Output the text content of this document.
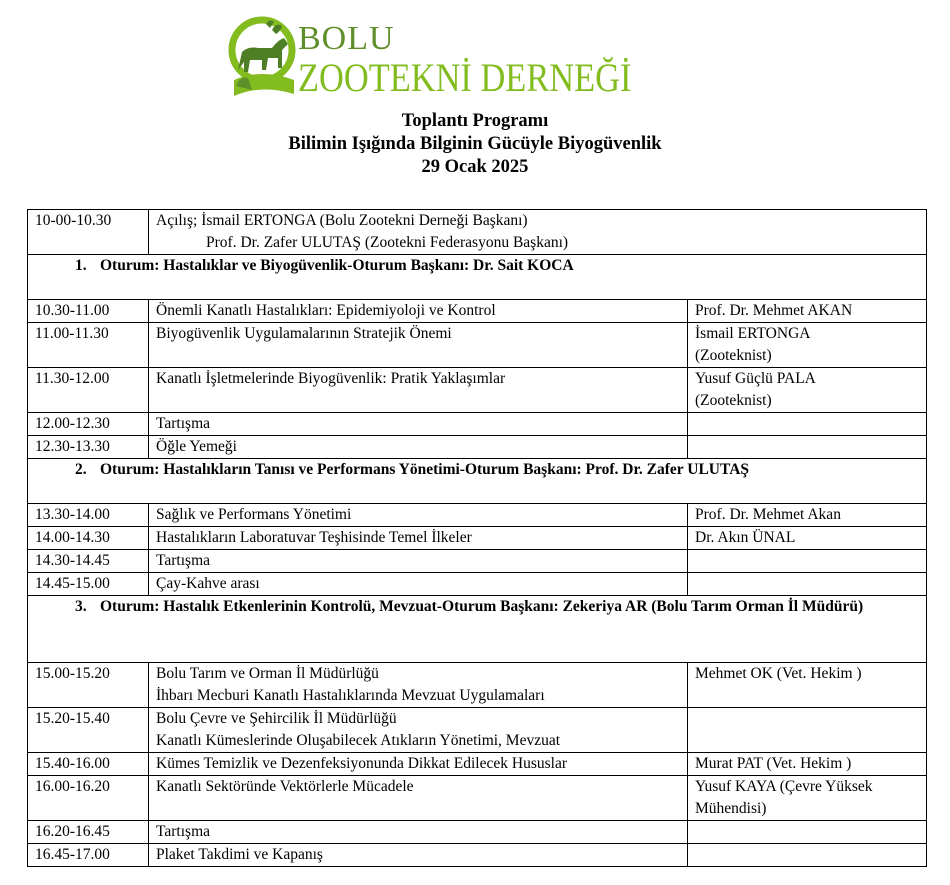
BOLU
ZOOTEKNİ DERNEĞİ
Toplantı Programı
Bilimin Işığında Bilginin Gücüyle Biyogüvenlik
29 Ocak 2025
10-00-10.30	Açılış; İsmail ERTONGA (Bolu Zootekni Derneği Başkanı)
Prof. Dr. Zafer ULUTAŞ (Zootekni Federasyonu Başkanı)	

1. Oturum: Hastalıklar ve Biyogüvenlik-Oturum Başkanı: Dr. Sait KOCA		
10.30-11.00	Önemli Kanatlı Hastalıkları: Epidemiyoloji ve Kontrol	Prof. Dr. Mehmet AKAN
11.00-11.30	Biyogüvenlik Uygulamalarının Stratejik Önemi	İsmail ERTONGA
(Zooteknist)

11.30-12.00	Kanatlı İşletmelerinde Biyogüvenlik: Pratik Yaklaşımlar	Yusuf Güçlü PALA
(Zooteknist)

12.00-12.30	Tartışma	
12.30-13.30	Öğle Yemeği	
2. Oturum: Hastalıkların Tanısı ve Performans Yönetimi-Oturum Başkanı: Prof. Dr. Zafer ULUTAŞ		
13.30-14.00	Sağlık ve Performans Yönetimi	Prof. Dr. Mehmet Akan
14.00-14.30	Hastalıkların Laboratuvar Teşhisinde Temel İlkeler	Dr. Akın ÜNAL
14.30-14.45	Tartışma	
14.45-15.00	Çay-Kahve arası	
3. Oturum: Hastalık Etkenlerinin Kontrolü, Mevzuat-Oturum Başkanı: Zekeriya AR (Bolu Tarım Orman İl Müdürü)		
15.00-15.20	Bolu Tarım ve Orman İl Müdürlüğü
İhbarı Mecburi Kanatlı Hastalıklarında Mevzuat Uygulamaları	Mehmet OK (Vet. Hekim )
15.20-15.40	Bolu Çevre ve Şehircilik İl Müdürlüğü
Kanatlı Kümeslerinde Oluşabilecek Atıkların Yönetimi, Mevzuat	

15.40-16.00	Kümes Temizlik ve Dezenfeksiyonunda Dikkat Edilecek Hususlar	Murat PAT (Vet. Hekim )
16.00-16.20	Kanatlı Sektöründe Vektörlerle Mücadele	Yusuf KAYA (Çevre Yüksek
Mühendisi)

16.20-16.45	Tartışma	
16.45-17.00	Plaket Takdimi ve Kapanış	
